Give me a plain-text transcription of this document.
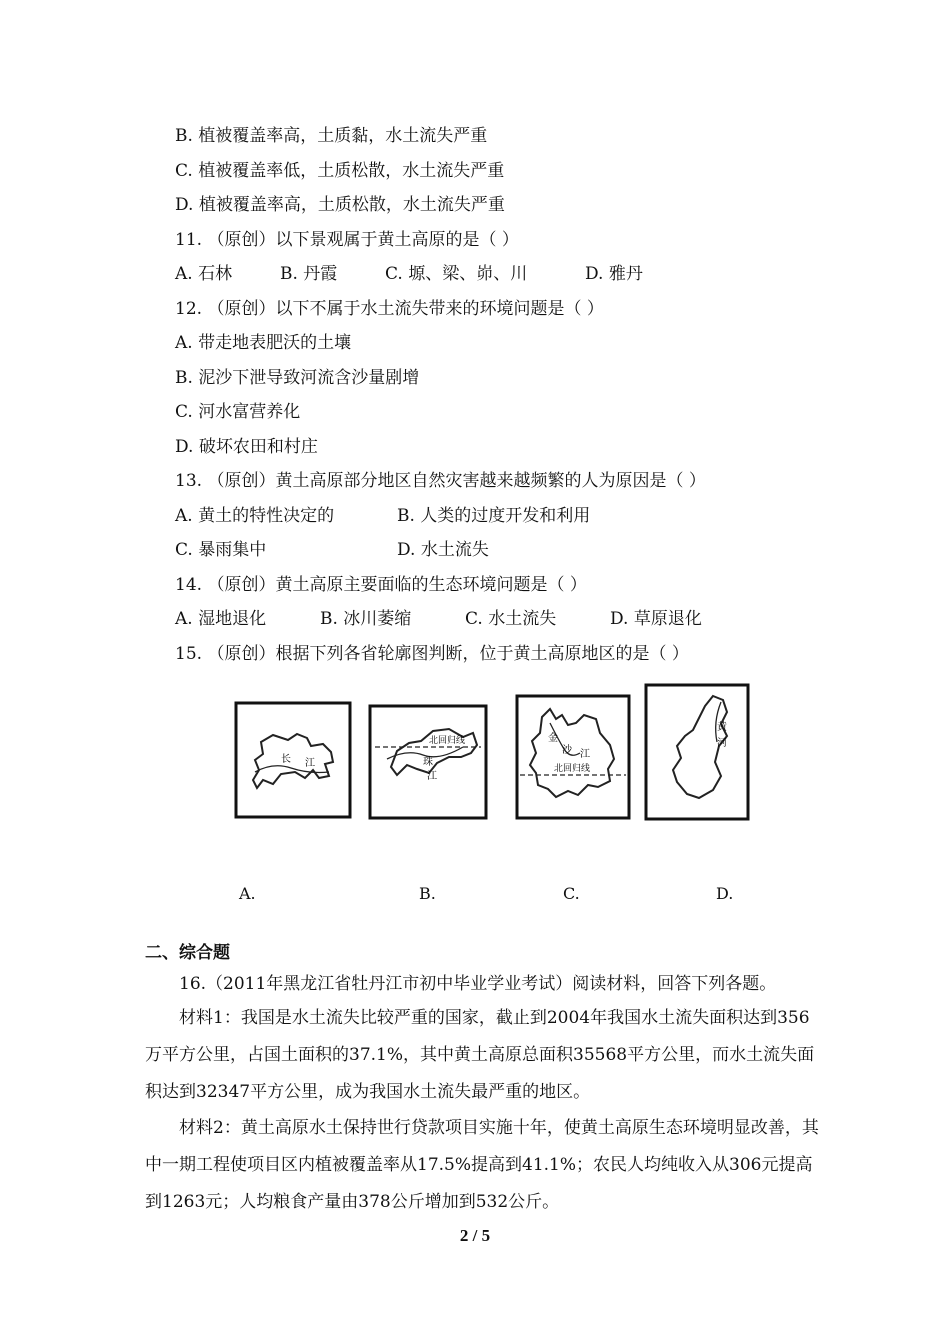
B. 植被覆盖率高，土质黏，水土流失严重
C. 植被覆盖率低，土质松散，水土流失严重
D. 植被覆盖率高，土质松散，水土流失严重
11. （原创）以下景观属于黄土高原的是（ ）
A. 石林	B. 丹霞	C. 塬、梁、峁、川	D. 雅丹
12. （原创）以下不属于水土流失带来的环境问题是（ ）
A. 带走地表肥沃的土壤
B. 泥沙下泄导致河流含沙量剧增
C. 河水富营养化
D. 破坏农田和村庄
13. （原创）黄土高原部分地区自然灾害越来越频繁的人为原因是（ ）
A. 黄土的特性决定的	B. 人类的过度开发和利用
C. 暴雨集中	D. 水土流失
14. （原创）黄土高原主要面临的生态环境问题是（ ）
A. 湿地退化	B. 冰川萎缩	C. 水土流失	D. 草原退化
15. （原创）根据下列各省轮廓图判断，位于黄土高原地区的是（ ）
长 江
北回归线
珠
江
金
沙 江
北回归线
黄
河
A.	B.	C.	D.
二、综合题
16.（2011年黑龙江省牡丹江市初中毕业学业考试）阅读材料，回答下列各题。
材料1：我国是水土流失比较严重的国家，截止到2004年我国水土流失面积达到356万平方公里，占国土面积的37.1%，其中黄土高原总面积35568平方公里，而水土流失面积达到32347平方公里，成为我国水土流失最严重的地区。
材料2：黄土高原水土保持世行贷款项目实施十年，使黄土高原生态环境明显改善，其中一期工程使项目区内植被覆盖率从17.5%提高到41.1%；农民人均纯收入从306元提高到1263元；人均粮食产量由378公斤增加到532公斤。
2 / 5
